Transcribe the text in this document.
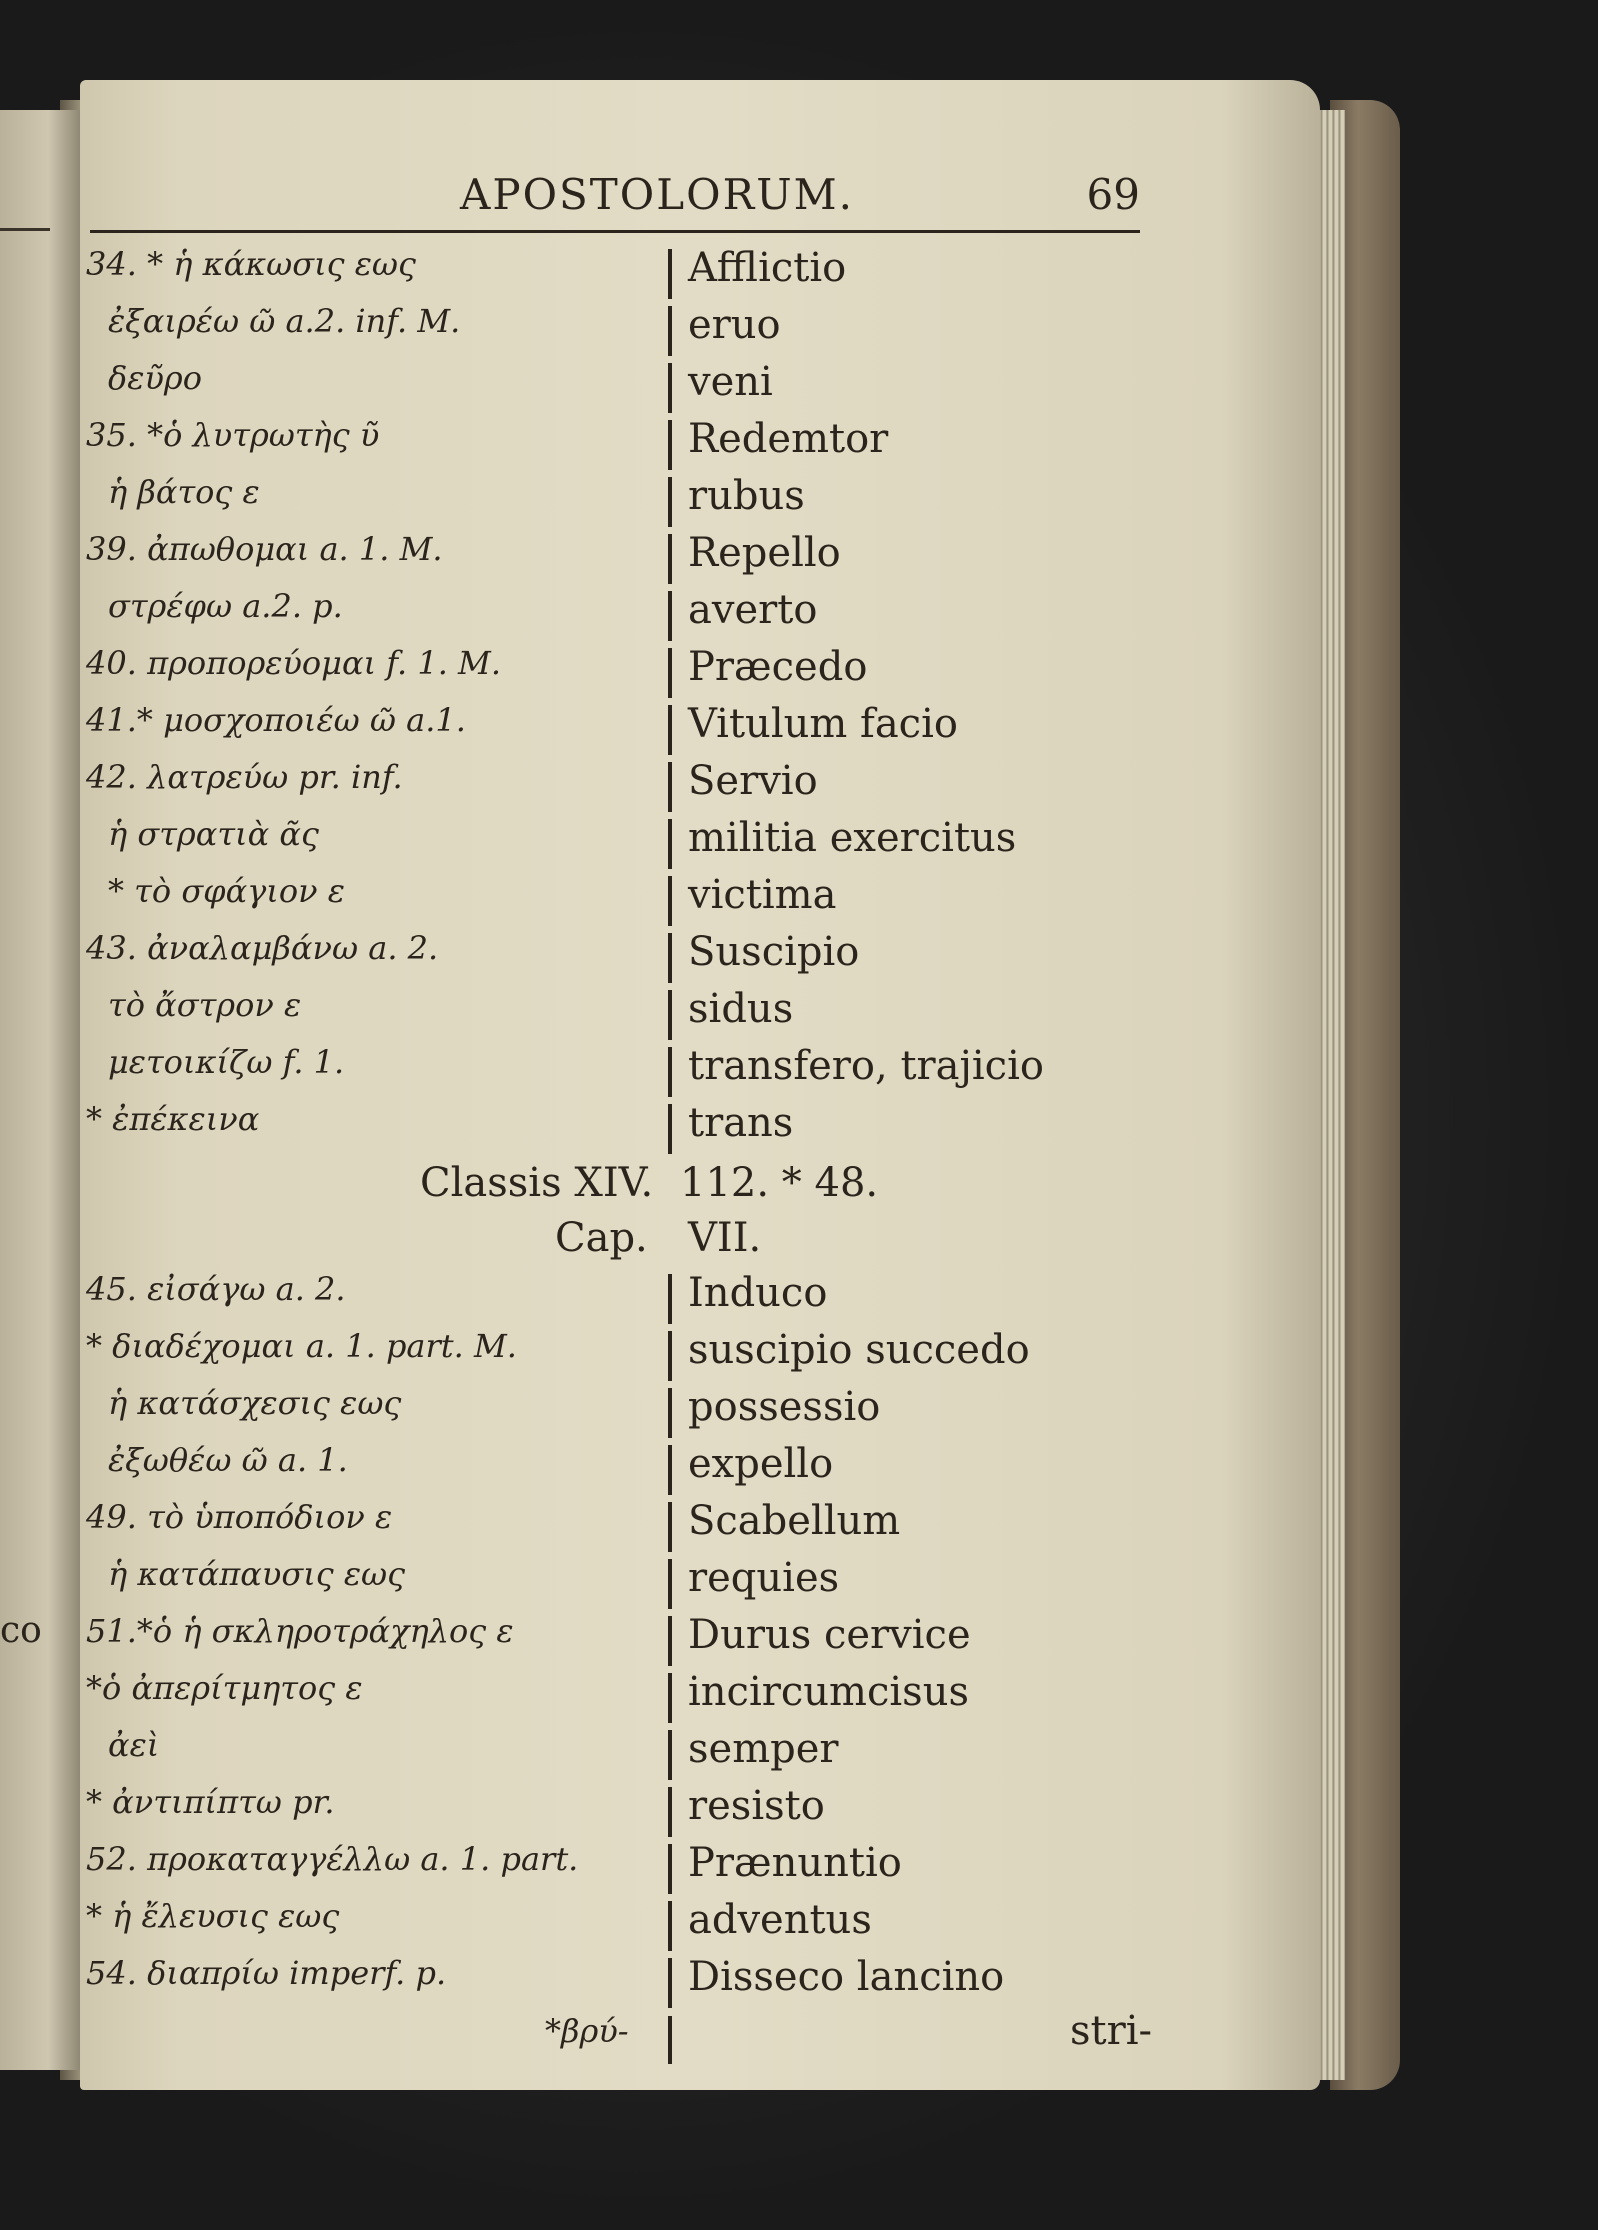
co
APOSTOLORUM.	69
34. * ἡ κάκωσις εως	Afflictio
ἐξαιρέω ῶ a.2. inf. M.	eruo
δεῦρο	veni
35. *ὁ λυτρωτὴς ῦ	Redemtor
ἡ βάτος ε	rubus
39. ἀπωθομαι a. 1. M.	Repello
στρέφω a.2. p.	averto
40. προπορεύομαι f. 1. M.	Præcedo
41.* μοσχοποιέω ῶ a.1.	Vitulum facio
42. λατρεύω pr. inf.	Servio
ἡ στρατιὰ ᾶς	militia exercitus
* τὸ σφάγιον ε	victima
43. ἀναλαμβάνω a. 2.	Suscipio
τὸ ἄστρον ε	sidus
μετοικίζω f. 1.	transfero, trajicio
* ἐπέκεινα	trans
Classis XIV. 112. * 48.
Cap. VII.
45. εἰσάγω a. 2.	Induco
* διαδέχομαι a. 1. part. M.	suscipio succedo
ἡ κατάσχεσις εως	possessio
ἐξωθέω ῶ a. 1.	expello
49. τὸ ὑποπόδιον ε	Scabellum
ἡ κατάπαυσις εως	requies
51.*ὁ ἡ σκληροτράχηλος ε	Durus cervice
*ὁ ἀπερίτμητος ε	incircumcisus
ἀεὶ	semper
* ἀντιπίπτω pr.	resisto
52. προκαταγγέλλω a. 1. part.	Prænuntio
* ἡ ἔλευσις εως	adventus
54. διαπρίω imperf. p.	Disseco lancino
*βρύ-	stri-
